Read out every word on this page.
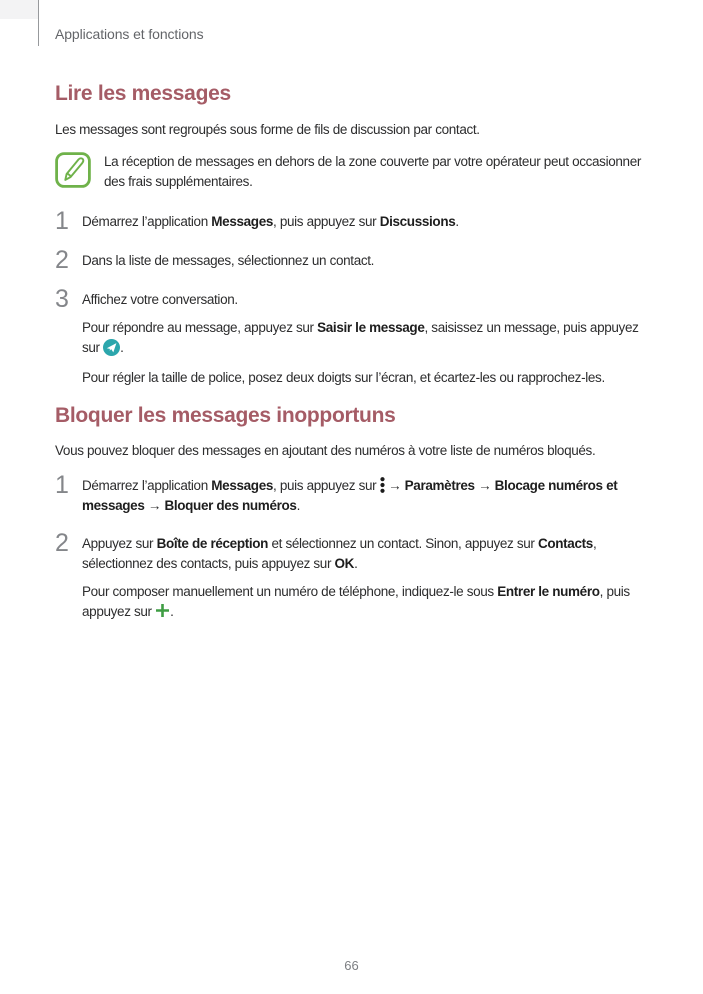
Applications et fonctions
Lire les messages

Les messages sont regroupés sous forme de fils de discussion par contact.

La réception de messages en dehors de la zone couverte par votre opérateur peut occasionner des frais supplémentaires.

1 Démarrez l’application Messages, puis appuyez sur Discussions.

2 Dans la liste de messages, sélectionnez un contact.

3 Affichez votre conversation.

Pour répondre au message, appuyez sur Saisir le message, saisissez un message, puis appuyez sur .

Pour régler la taille de police, posez deux doigts sur l’écran, et écartez-les ou rapprochez-les.

Bloquer les messages inopportuns

Vous pouvez bloquer des messages en ajoutant des numéros à votre liste de numéros bloqués.

1 Démarrez l’application Messages, puis appuyez sur  → Paramètres → Blocage numéros et messages → Bloquer des numéros.

2 Appuyez sur Boîte de réception et sélectionnez un contact. Sinon, appuyez sur Contacts, sélectionnez des contacts, puis appuyez sur OK.

Pour composer manuellement un numéro de téléphone, indiquez-le sous Entrer le numéro, puis appuyez sur .

66
